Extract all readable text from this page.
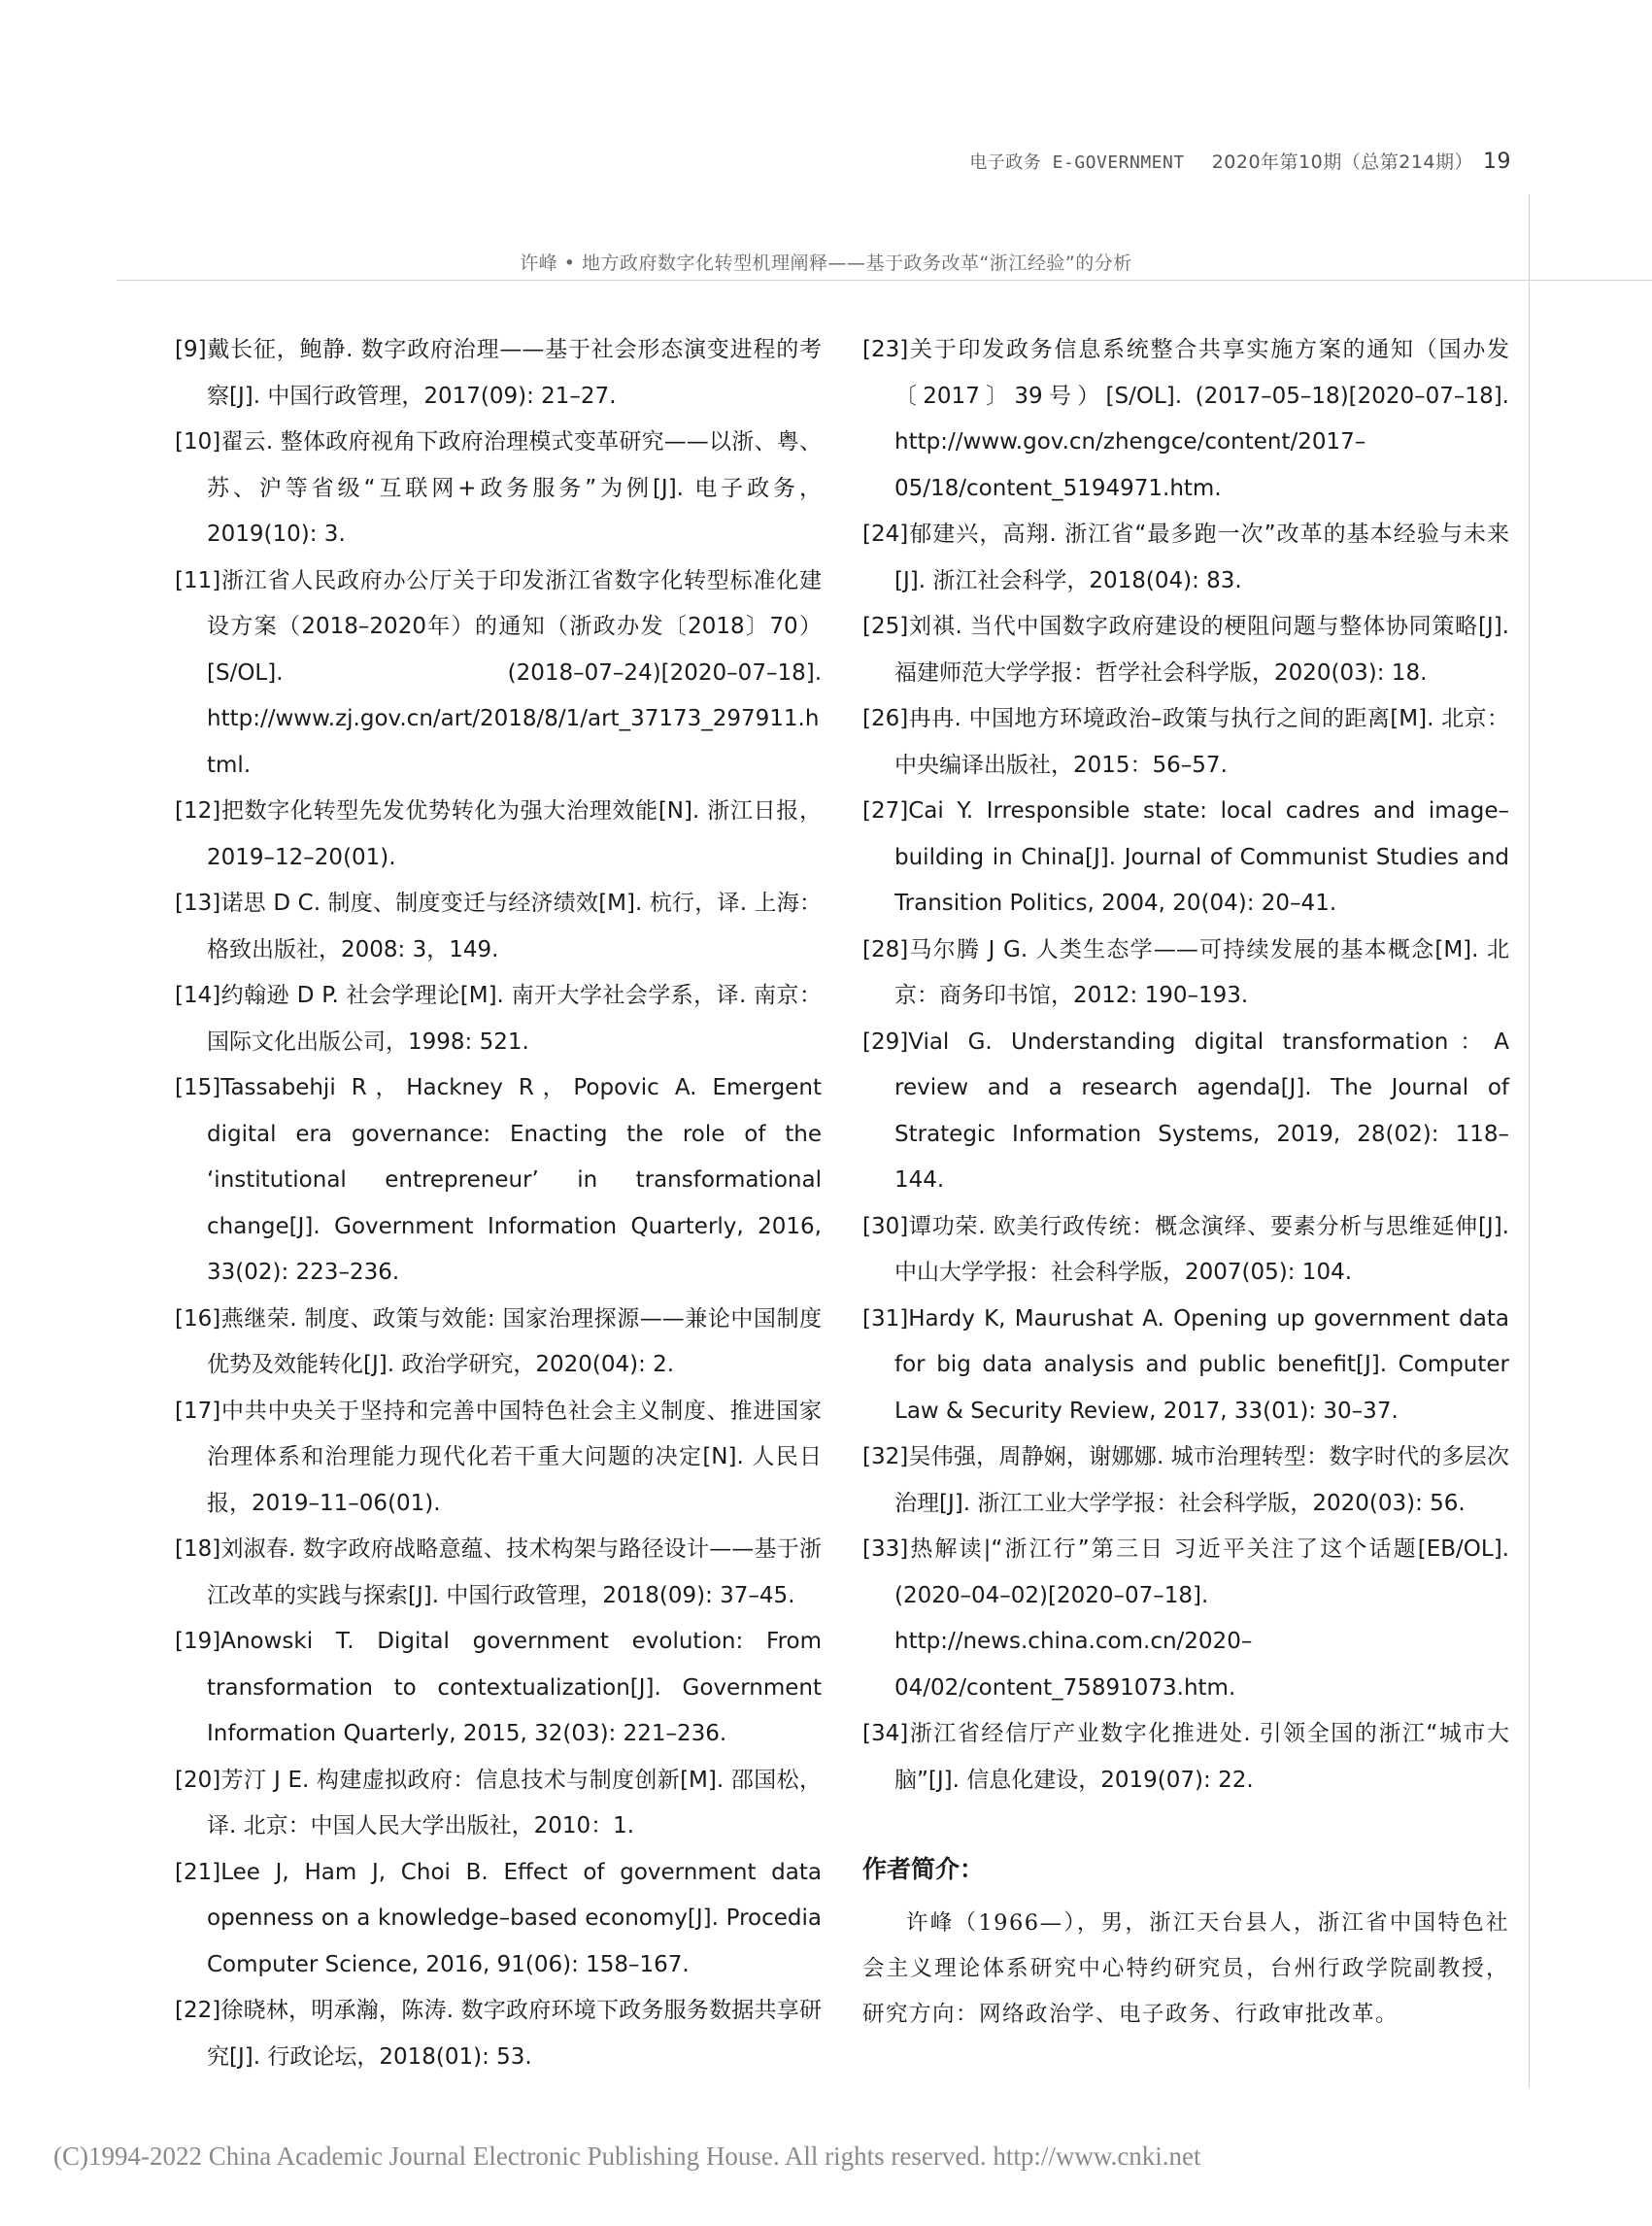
电子政务 E-GOVERNMENT 2020年第10期（总第214期） 19
许峰 • 地方政府数字化转型机理阐释——基于政务改革“浙江经验”的分析

[9]戴长征，鲍静. 数字政府治理——基于社会形态演变进程的考察[J]. 中国行政管理，2017(09): 21–27.

[10]翟云. 整体政府视角下政府治理模式变革研究——以浙、粤、苏、沪等省级“互联网+政务服务”为例[J]. 电子政务，2019(10): 3.

[11]浙江省人民政府办公厅关于印发浙江省数字化转型标准化建设方案（2018–2020年）的通知（浙政办发〔2018〕70）[S/OL]. (2018–07–24)[2020–07–18]. http://www.zj.gov.cn/art/2018/8/1/art_37173_297911.html.

[12]把数字化转型先发优势转化为强大治理效能[N]. 浙江日报，2019–12–20(01).

[13]诺思 D C. 制度、制度变迁与经济绩效[M]. 杭行，译. 上海：格致出版社，2008: 3，149.

[14]约翰逊 D P. 社会学理论[M]. 南开大学社会学系，译. 南京：国际文化出版公司，1998: 521.

[15]Tassabehji R，Hackney R，Popovic A. Emergent digital era governance: Enacting the role of the ‘institutional entrepreneur’ in transformational change[J]. Government Information Quarterly, 2016, 33(02): 223–236.

[16]燕继荣. 制度、政策与效能: 国家治理探源——兼论中国制度优势及效能转化[J]. 政治学研究，2020(04): 2.

[17]中共中央关于坚持和完善中国特色社会主义制度、推进国家治理体系和治理能力现代化若干重大问题的决定[N]. 人民日报，2019–11–06(01).

[18]刘淑春. 数字政府战略意蕴、技术构架与路径设计——基于浙江改革的实践与探索[J]. 中国行政管理，2018(09): 37–45.

[19]Anowski T. Digital government evolution: From transformation to contextualization[J]. Government Information Quarterly, 2015, 32(03): 221–236.

[20]芳汀 J E. 构建虚拟政府：信息技术与制度创新[M]. 邵国松，译. 北京：中国人民大学出版社，2010：1.

[21]Lee J, Ham J, Choi B. Effect of government data openness on a knowledge–based economy[J]. Procedia Computer Science, 2016, 91(06): 158–167.

[22]徐晓林，明承瀚，陈涛. 数字政府环境下政务服务数据共享研究[J]. 行政论坛，2018(01): 53.

[23]关于印发政务信息系统整合共享实施方案的通知（国办发〔2017〕39号）[S/OL]. (2017–05–18)[2020–07–18]. http://www.gov.cn/zhengce/content/2017–05/18/content_5194971.htm.

[24]郁建兴，高翔. 浙江省“最多跑一次”改革的基本经验与未来[J]. 浙江社会科学，2018(04): 83.

[25]刘祺. 当代中国数字政府建设的梗阻问题与整体协同策略[J]. 福建师范大学学报：哲学社会科学版，2020(03): 18.

[26]冉冉. 中国地方环境政治–政策与执行之间的距离[M]. 北京：中央编译出版社，2015：56–57.

[27]Cai Y. Irresponsible state: local cadres and image–building in China[J]. Journal of Communist Studies and Transition Politics, 2004, 20(04): 20–41.

[28]马尔腾 J G. 人类生态学——可持续发展的基本概念[M]. 北京：商务印书馆，2012: 190–193.

[29]Vial G. Understanding digital transformation：A review and a research agenda[J]. The Journal of Strategic Information Systems, 2019, 28(02): 118–144.

[30]谭功荣. 欧美行政传统：概念演绎、要素分析与思维延伸[J]. 中山大学学报：社会科学版，2007(05): 104.

[31]Hardy K, Maurushat A. Opening up government data for big data analysis and public benefit[J]. Computer Law & Security Review, 2017, 33(01): 30–37.

[32]吴伟强，周静娴，谢娜娜. 城市治理转型：数字时代的多层次治理[J]. 浙江工业大学学报：社会科学版，2020(03): 56.

[33]热解读|“浙江行”第三日 习近平关注了这个话题[EB/OL]. (2020–04–02)[2020–07–18]. http://news.china.com.cn/2020–04/02/content_75891073.htm.

[34]浙江省经信厅产业数字化推进处. 引领全国的浙江“城市大脑”[J]. 信息化建设，2019(07): 22.

作者简介：

许峰（1966—），男，浙江天台县人，浙江省中国特色社会主义理论体系研究中心特约研究员，台州行政学院副教授，研究方向：网络政治学、电子政务、行政审批改革。

(C)1994-2022 China Academic Journal Electronic Publishing House. All rights reserved. http://www.cnki.net
